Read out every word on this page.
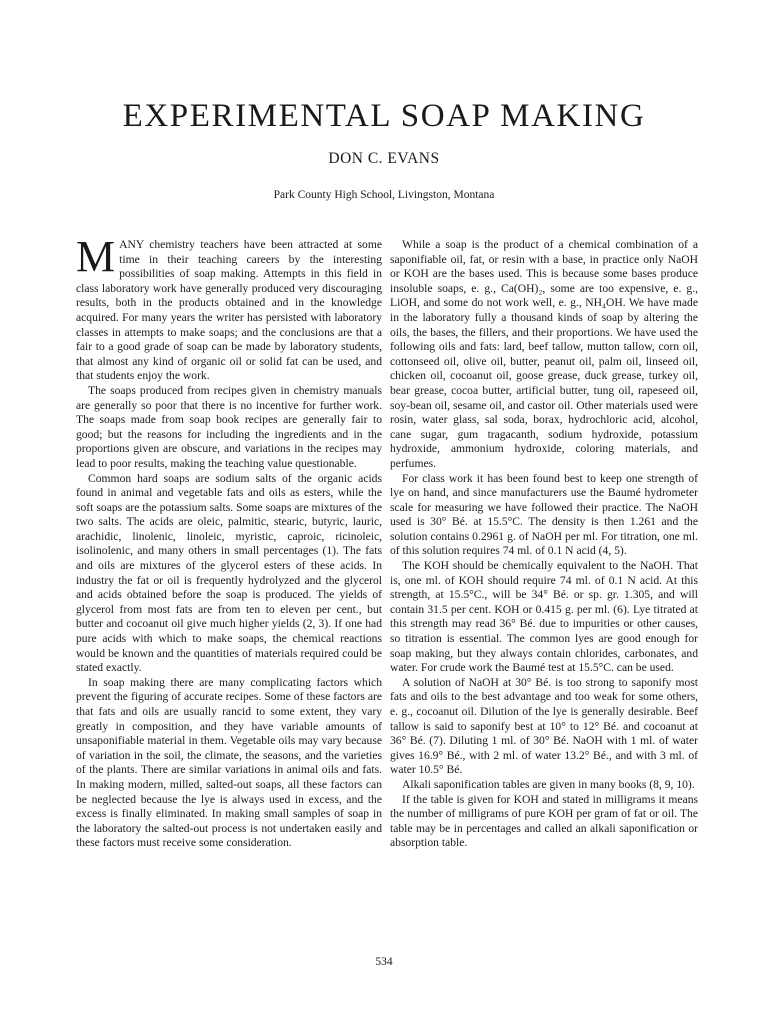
EXPERIMENTAL SOAP MAKING
DON C. EVANS
Park County High School, Livingston, Montana

MANY chemistry teachers have been attracted at some time in their teaching careers by the interesting possibilities of soap making. Attempts in this field in class laboratory work have generally produced very discouraging results, both in the products obtained and in the knowledge acquired. For many years the writer has persisted with laboratory classes in attempts to make soaps; and the conclusions are that a fair to a good grade of soap can be made by laboratory students, that almost any kind of organic oil or solid fat can be used, and that students enjoy the work.

The soaps produced from recipes given in chemistry manuals are generally so poor that there is no incentive for further work. The soaps made from soap book recipes are generally fair to good; but the reasons for including the ingredients and in the proportions given are obscure, and variations in the recipes may lead to poor results, making the teaching value questionable.

Common hard soaps are sodium salts of the organic acids found in animal and vegetable fats and oils as esters, while the soft soaps are the potassium salts. Some soaps are mixtures of the two salts. The acids are oleic, palmitic, stearic, butyric, lauric, arachidic, linolenic, linoleic, myristic, caproic, ricinoleic, isolinolenic, and many others in small percentages (1). The fats and oils are mixtures of the glycerol esters of these acids. In industry the fat or oil is frequently hydrolyzed and the glycerol and acids obtained before the soap is produced. The yields of glycerol from most fats are from ten to eleven per cent., but butter and cocoanut oil give much higher yields (2, 3). If one had pure acids with which to make soaps, the chemical reactions would be known and the quantities of materials required could be stated exactly.

In soap making there are many complicating factors which prevent the figuring of accurate recipes. Some of these factors are that fats and oils are usually rancid to some extent, they vary greatly in composition, and they have variable amounts of unsaponifiable material in them. Vegetable oils may vary because of variation in the soil, the climate, the seasons, and the varieties of the plants. There are similar variations in animal oils and fats. In making modern, milled, salted-out soaps, all these factors can be neglected because the lye is always used in excess, and the excess is finally eliminated. In making small samples of soap in the laboratory the salted-out process is not undertaken easily and these factors must receive some consideration.

While a soap is the product of a chemical combination of a saponifiable oil, fat, or resin with a base, in practice only NaOH or KOH are the bases used. This is because some bases produce insoluble soaps, e. g., Ca(OH)₂, some are too expensive, e. g., LiOH, and some do not work well, e. g., NH₄OH. We have made in the laboratory fully a thousand kinds of soap by altering the oils, the bases, the fillers, and their proportions. We have used the following oils and fats: lard, beef tallow, mutton tallow, corn oil, cottonseed oil, olive oil, butter, peanut oil, palm oil, linseed oil, chicken oil, cocoanut oil, goose grease, duck grease, turkey oil, bear grease, cocoa butter, artificial butter, tung oil, rapeseed oil, soy-bean oil, sesame oil, and castor oil. Other materials used were rosin, water glass, sal soda, borax, hydrochloric acid, alcohol, cane sugar, gum tragacanth, sodium hydroxide, potassium hydroxide, ammonium hydroxide, coloring materials, and perfumes.

For class work it has been found best to keep one strength of lye on hand, and since manufacturers use the Baumé hydrometer scale for measuring we have followed their practice. The NaOH used is 30° Bé. at 15.5°C. The density is then 1.261 and the solution contains 0.2961 g. of NaOH per ml. For titration, one ml. of this solution requires 74 ml. of 0.1 N acid (4, 5).

The KOH should be chemically equivalent to the NaOH. That is, one ml. of KOH should require 74 ml. of 0.1 N acid. At this strength, at 15.5°C., will be 34° Bé. or sp. gr. 1.305, and will contain 31.5 per cent. KOH or 0.415 g. per ml. (6). Lye titrated at this strength may read 36° Bé. due to impurities or other causes, so titration is essential. The common lyes are good enough for soap making, but they always contain chlorides, carbonates, and water. For crude work the Baumé test at 15.5°C. can be used.

A solution of NaOH at 30° Bé. is too strong to saponify most fats and oils to the best advantage and too weak for some others, e. g., cocoanut oil. Dilution of the lye is generally desirable. Beef tallow is said to saponify best at 10° to 12° Bé. and cocoanut at 36° Bé. (7). Diluting 1 ml. of 30° Bé. NaOH with 1 ml. of water gives 16.9° Bé., with 2 ml. of water 13.2° Bé., and with 3 ml. of water 10.5° Bé.

Alkali saponification tables are given in many books (8, 9, 10).

If the table is given for KOH and stated in milligrams it means the number of milligrams of pure KOH per gram of fat or oil. The table may be in percentages and called an alkali saponification or absorption table.

534
